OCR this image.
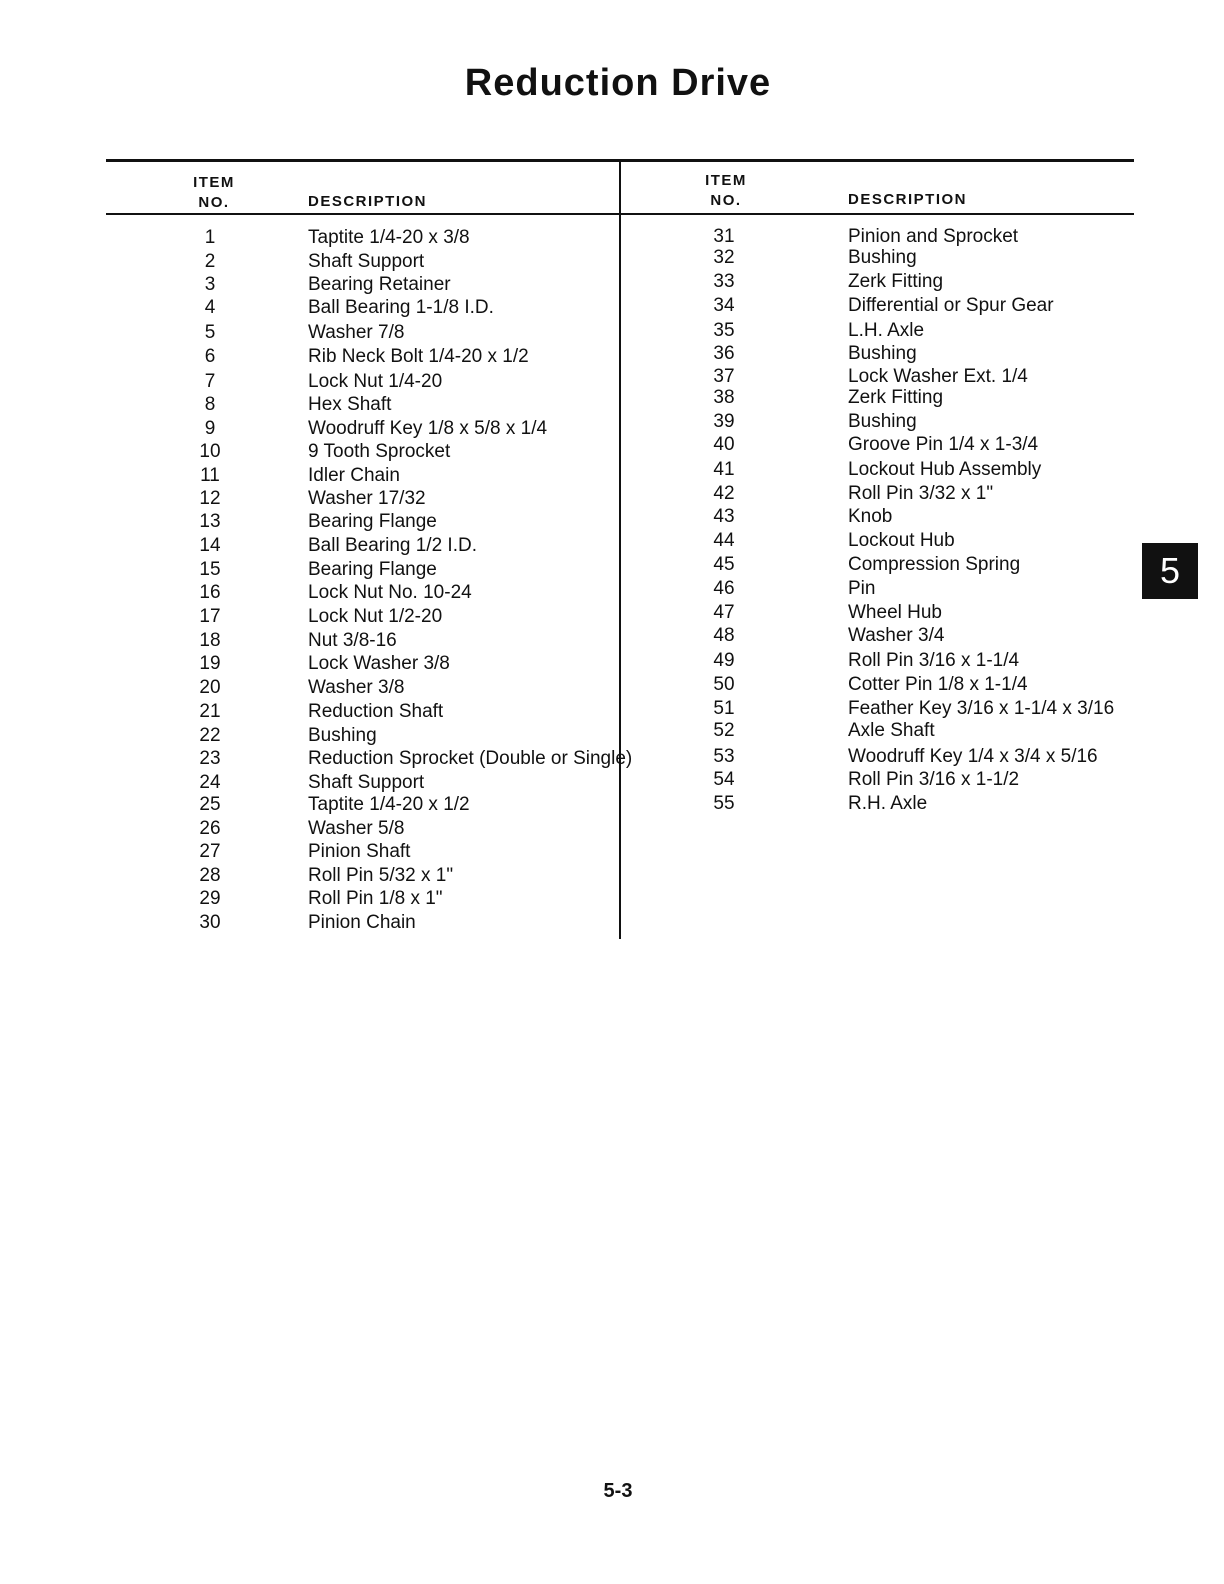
Reduction Drive
ITEM
NO.	DESCRIPTION
ITEM
NO.	DESCRIPTION
1	Taptite 1/4-20 x 3/8
2	Shaft Support
3	Bearing Retainer
4	Ball Bearing 1-1/8 I.D.
5	Washer 7/8
6	Rib Neck Bolt 1/4-20 x 1/2
7	Lock Nut 1/4-20
8	Hex Shaft
9	Woodruff Key 1/8 x 5/8 x 1/4
10	9 Tooth Sprocket
11	Idler Chain
12	Washer 17/32
13	Bearing Flange
14	Ball Bearing 1/2 I.D.
15	Bearing Flange
16	Lock Nut No. 10-24
17	Lock Nut 1/2-20
18	Nut 3/8-16
19	Lock Washer 3/8
20	Washer 3/8
21	Reduction Shaft
22	Bushing
23	Reduction Sprocket (Double or Single)
24	Shaft Support
25	Taptite 1/4-20 x 1/2
26	Washer 5/8
27	Pinion Shaft
28	Roll Pin 5/32 x 1"
29	Roll Pin 1/8 x 1"
30	Pinion Chain
31	Pinion and Sprocket
32	Bushing
33	Zerk Fitting
34	Differential or Spur Gear
35	L.H. Axle
36	Bushing
37	Lock Washer Ext. 1/4
38	Zerk Fitting
39	Bushing
40	Groove Pin 1/4 x 1-3/4
41	Lockout Hub Assembly
42	Roll Pin 3/32 x 1"
43	Knob
44	Lockout Hub
45	Compression Spring
46	Pin
47	Wheel Hub
48	Washer 3/4
49	Roll Pin 3/16 x 1-1/4
50	Cotter Pin 1/8 x 1-1/4
51	Feather Key 3/16 x 1-1/4 x 3/16
52	Axle Shaft
53	Woodruff Key 1/4 x 3/4 x 5/16
54	Roll Pin 3/16 x 1-1/2
55	R.H. Axle
5
5-3
